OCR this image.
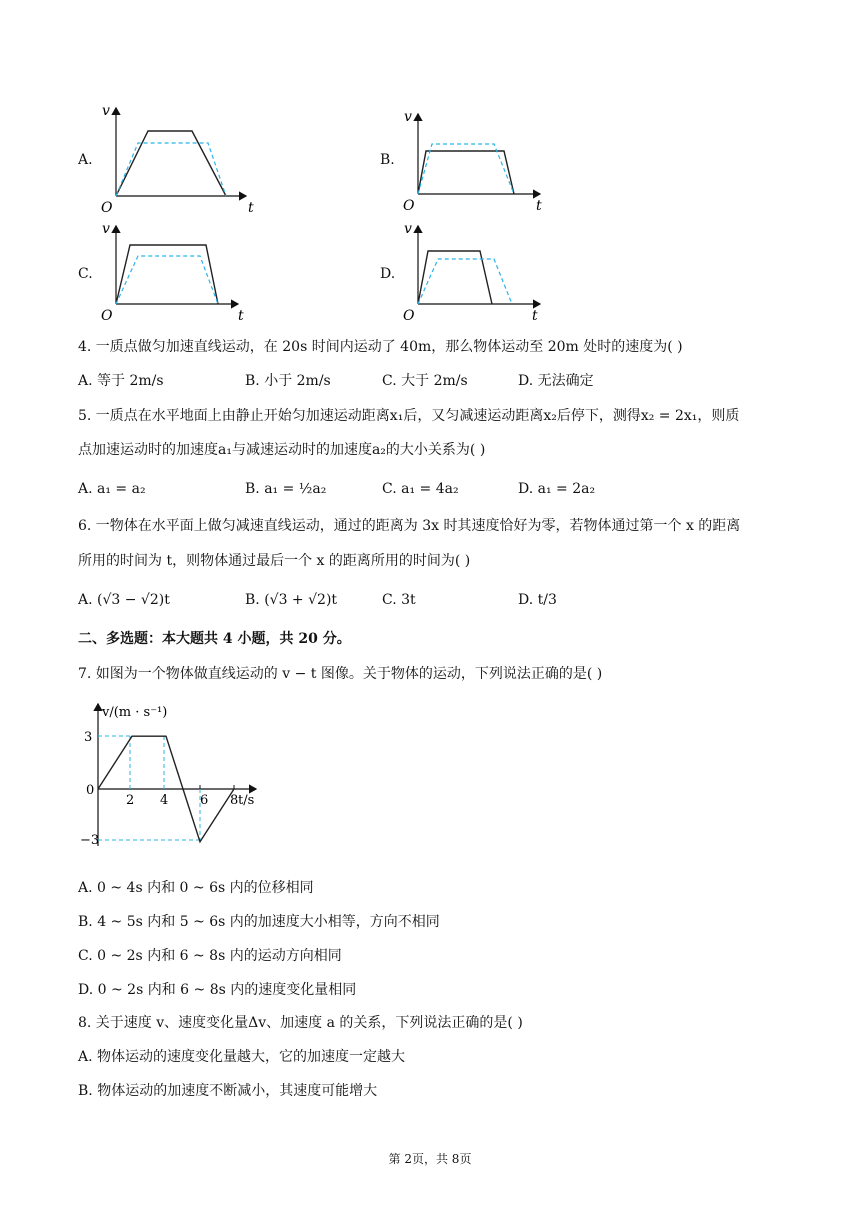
A.
v
t
O
B.
v
t
O
C.
v
t
O
D.
v
t
O
4. 一质点做匀加速直线运动，在 20s 时间内运动了 40m，那么物体运动至 20m 处时的速度为( )
A. 等于 2m/s	B. 小于 2m/s	C. 大于 2m/s	D. 无法确定
5. 一质点在水平地面上由静止开始匀加速运动距离x₁后，又匀减速运动距离x₂后停下，测得x₂ = 2x₁，则质
点加速运动时的加速度a₁与减速运动时的加速度a₂的大小关系为( )
A. a₁ = a₂	B. a₁ = ½a₂	C. a₁ = 4a₂	D. a₁ = 2a₂
6. 一物体在水平面上做匀减速直线运动，通过的距离为 3x 时其速度恰好为零，若物体通过第一个 x 的距离
所用的时间为 t，则物体通过最后一个 x 的距离所用的时间为( )
A. (√3 − √2)t	B. (√3 + √2)t	C. 3t	D. t/3
二、多选题：本大题共 4 小题，共 20 分。
7. 如图为一个物体做直线运动的 v − t 图像。关于物体的运动，下列说法正确的是( )
v/(m · s⁻¹)
t/s
3
0
−3
2 4 6 8
A. 0 ~ 4s 内和 0 ~ 6s 内的位移相同
B. 4 ~ 5s 内和 5 ~ 6s 内的加速度大小相等，方向不相同
C. 0 ~ 2s 内和 6 ~ 8s 内的运动方向相同
D. 0 ~ 2s 内和 6 ~ 8s 内的速度变化量相同
8. 关于速度 v、速度变化量Δv、加速度 a 的关系，下列说法正确的是( )
A. 物体运动的速度变化量越大，它的加速度一定越大
B. 物体运动的加速度不断减小，其速度可能增大
第 2页，共 8页
